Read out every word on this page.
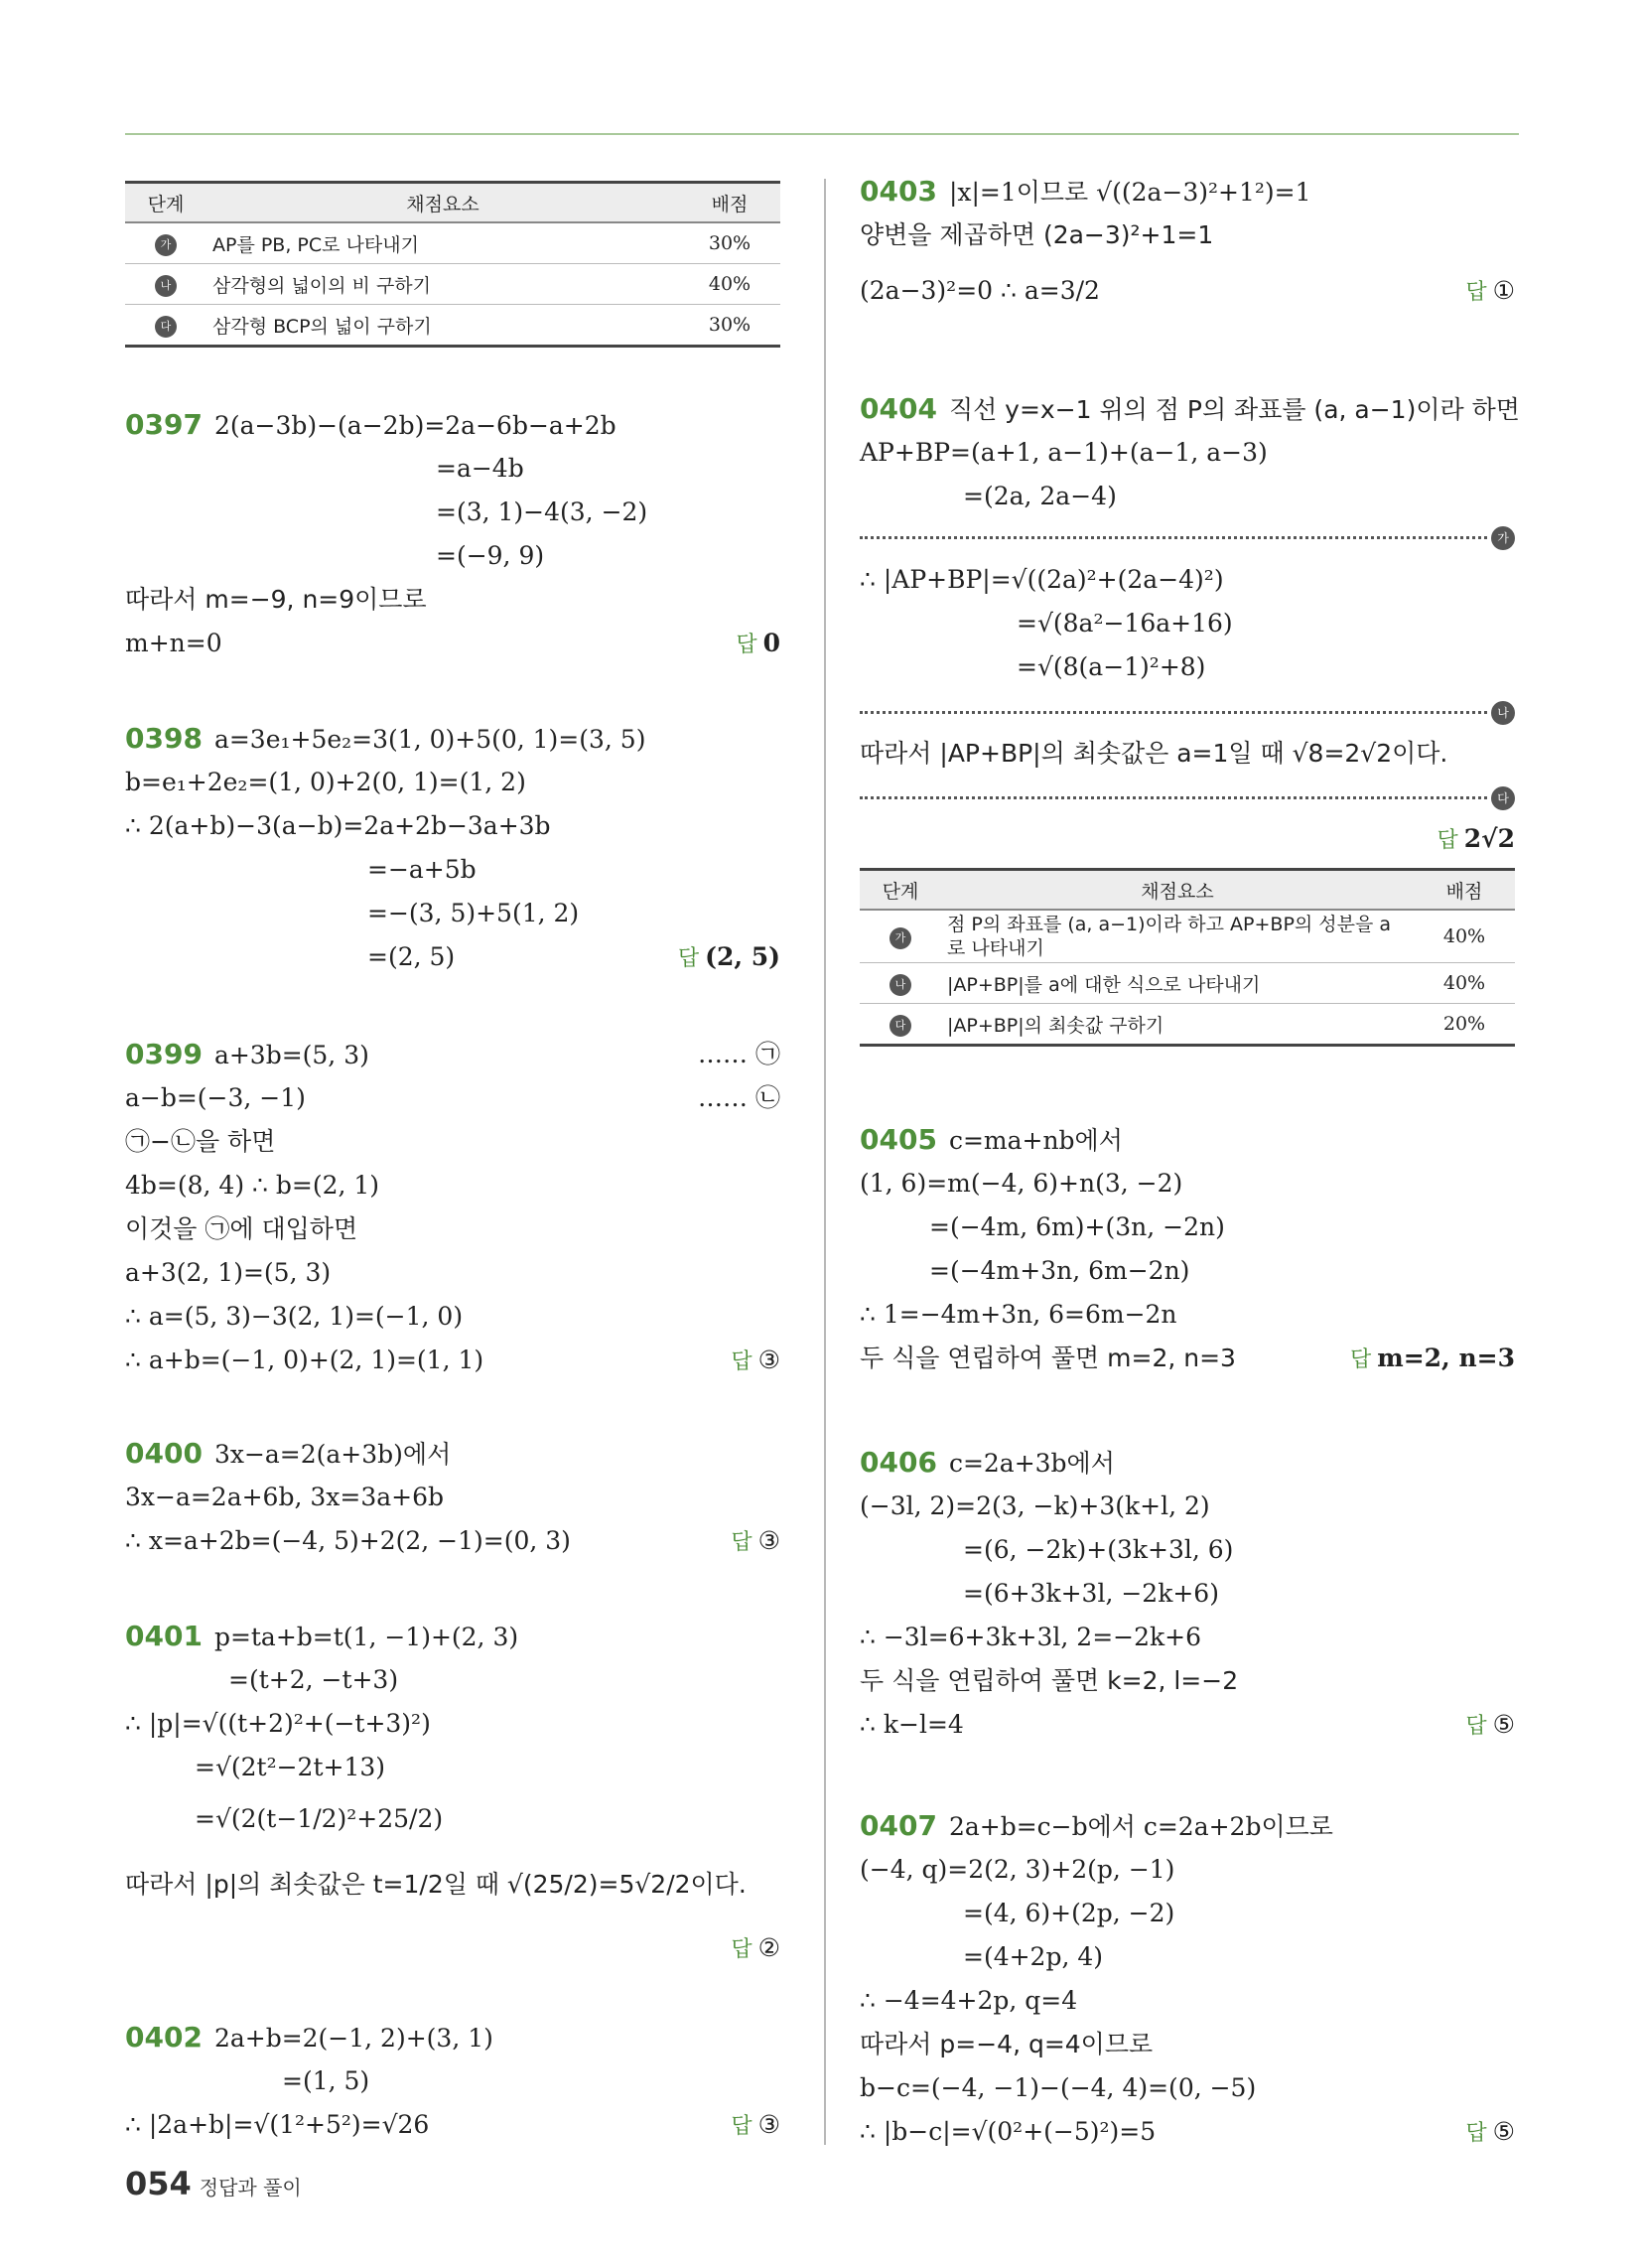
단계	채점요소	배점
가	AP를 PB, PC로 나타내기	30%
나	삼각형의 넓이의 비 구하기	40%
다	삼각형 BCP의 넓이 구하기	30%
0397 2(a−3b)−(a−2b)=2a−6b−a+2b
=a−4b
=(3, 1)−4(3, −2)
=(−9, 9)
따라서 m=−9, n=9이므로
m+n=0	답 0
0398 a=3e₁+5e₂=3(1, 0)+5(0, 1)=(3, 5)
b=e₁+2e₂=(1, 0)+2(0, 1)=(1, 2)
∴ 2(a+b)−3(a−b)=2a+2b−3a+3b
=−a+5b
=−(3, 5)+5(1, 2)
=(2, 5)	답 (2, 5)
0399 a+3b=(5, 3)	…… ㉠
a−b=(−3, −1)	…… ㉡
㉠−㉡을 하면
4b=(8, 4) ∴ b=(2, 1)
이것을 ㉠에 대입하면
a+3(2, 1)=(5, 3)
∴ a=(5, 3)−3(2, 1)=(−1, 0)
∴ a+b=(−1, 0)+(2, 1)=(1, 1)	답 ③
0400 3x−a=2(a+3b)에서
3x−a=2a+6b, 3x=3a+6b
∴ x=a+2b=(−4, 5)+2(2, −1)=(0, 3)	답 ③
0401 p=ta+b=t(1, −1)+(2, 3)
=(t+2, −t+3)
∴ |p|=√((t+2)²+(−t+3)²)
=√(2t²−2t+13)
=√(2(t−1/2)²+25/2)
따라서 |p|의 최솟값은 t=1/2일 때 √(25/2)=5√2/2이다.
답 ②
0402 2a+b=2(−1, 2)+(3, 1)
=(1, 5)
∴ |2a+b|=√(1²+5²)=√26	답 ③
0403 |x|=1이므로 √((2a−3)²+1²)=1
양변을 제곱하면 (2a−3)²+1=1
(2a−3)²=0 ∴ a=3/2	답 ①
0404 직선 y=x−1 위의 점 P의 좌표를 (a, a−1)이라 하면
AP+BP=(a+1, a−1)+(a−1, a−3)
=(2a, 2a−4)
가
∴ |AP+BP|=√((2a)²+(2a−4)²)
=√(8a²−16a+16)
=√(8(a−1)²+8)
나
따라서 |AP+BP|의 최솟값은 a=1일 때 √8=2√2이다.
다
답 2√2
단계	채점요소	배점
가	점 P의 좌표를 (a, a−1)이라 하고 AP+BP의 성분을 a로 나타내기	40%
나	|AP+BP|를 a에 대한 식으로 나타내기	40%
다	|AP+BP|의 최솟값 구하기	20%
0405 c=ma+nb에서
(1, 6)=m(−4, 6)+n(3, −2)
=(−4m, 6m)+(3n, −2n)
=(−4m+3n, 6m−2n)
∴ 1=−4m+3n, 6=6m−2n
두 식을 연립하여 풀면 m=2, n=3	답 m=2, n=3
0406 c=2a+3b에서
(−3l, 2)=2(3, −k)+3(k+l, 2)
=(6, −2k)+(3k+3l, 6)
=(6+3k+3l, −2k+6)
∴ −3l=6+3k+3l, 2=−2k+6
두 식을 연립하여 풀면 k=2, l=−2
∴ k−l=4	답 ⑤
0407 2a+b=c−b에서 c=2a+2b이므로
(−4, q)=2(2, 3)+2(p, −1)
=(4, 6)+(2p, −2)
=(4+2p, 4)
∴ −4=4+2p, q=4
따라서 p=−4, q=4이므로
b−c=(−4, −1)−(−4, 4)=(0, −5)
∴ |b−c|=√(0²+(−5)²)=5	답 ⑤
054 정답과 풀이
